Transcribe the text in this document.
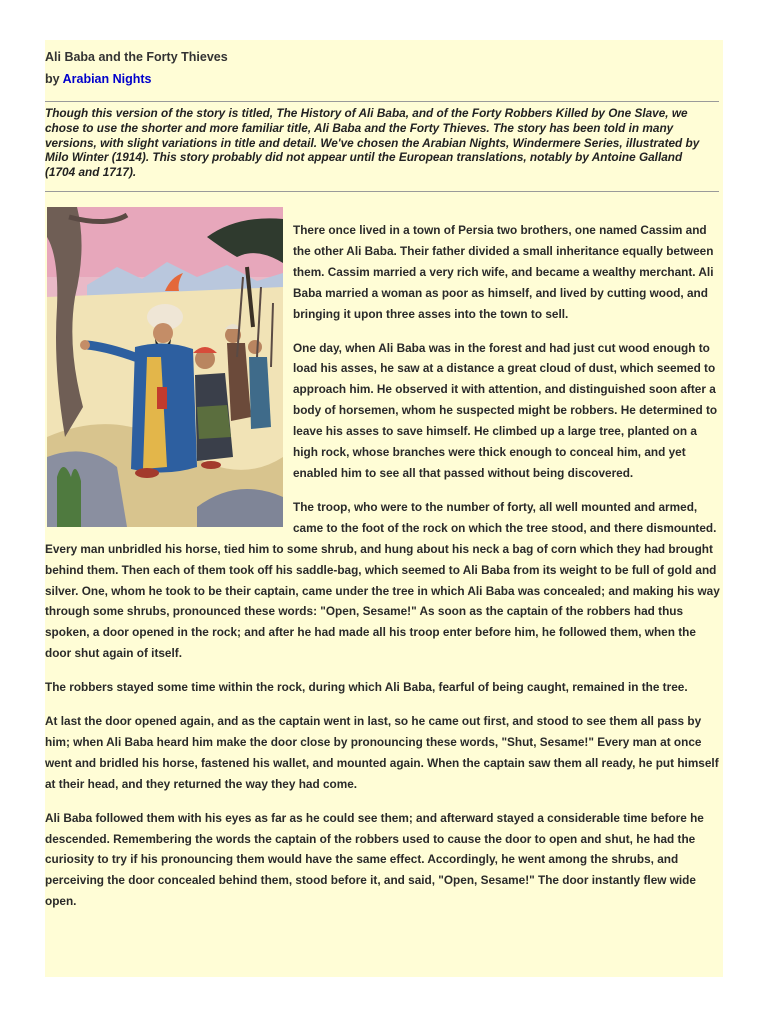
Ali Baba and the Forty Thieves
by Arabian Nights

Though this version of the story is titled, The History of Ali Baba, and of the Forty Robbers Killed by One Slave, we chose to use the shorter and more familiar title, Ali Baba and the Forty Thieves. The story has been told in many versions, with slight variations in title and detail. We've chosen the Arabian Nights, Windermere Series, illustrated by Milo Winter (1914). This story probably did not appear until the European translations, notably by Antoine Galland (1704 and 1717).

There once lived in a town of Persia two brothers, one named Cassim and the other Ali Baba. Their father divided a small inheritance equally between them. Cassim married a very rich wife, and became a wealthy merchant. Ali Baba married a woman as poor as himself, and lived by cutting wood, and bringing it upon three asses into the town to sell.

One day, when Ali Baba was in the forest and had just cut wood enough to load his asses, he saw at a distance a great cloud of dust, which seemed to approach him. He observed it with attention, and distinguished soon after a body of horsemen, whom he suspected might be robbers. He determined to leave his asses to save himself. He climbed up a large tree, planted on a high rock, whose branches were thick enough to conceal him, and yet enabled him to see all that passed without being discovered.

The troop, who were to the number of forty, all well mounted and armed, came to the foot of the rock on which the tree stood, and there dismounted. Every man unbridled his horse, tied him to some shrub, and hung about his neck a bag of corn which they had brought behind them. Then each of them took off his saddle-bag, which seemed to Ali Baba from its weight to be full of gold and silver. One, whom he took to be their captain, came under the tree in which Ali Baba was concealed; and making his way through some shrubs, pronounced these words: "Open, Sesame!" As soon as the captain of the robbers had thus spoken, a door opened in the rock; and after he had made all his troop enter before him, he followed them, when the door shut again of itself.

The robbers stayed some time within the rock, during which Ali Baba, fearful of being caught, remained in the tree.

At last the door opened again, and as the captain went in last, so he came out first, and stood to see them all pass by him; when Ali Baba heard him make the door close by pronouncing these words, "Shut, Sesame!" Every man at once went and bridled his horse, fastened his wallet, and mounted again. When the captain saw them all ready, he put himself at their head, and they returned the way they had come.

Ali Baba followed them with his eyes as far as he could see them; and afterward stayed a considerable time before he descended. Remembering the words the captain of the robbers used to cause the door to open and shut, he had the curiosity to try if his pronouncing them would have the same effect. Accordingly, he went among the shrubs, and perceiving the door concealed behind them, stood before it, and said, "Open, Sesame!" The door instantly flew wide open.
